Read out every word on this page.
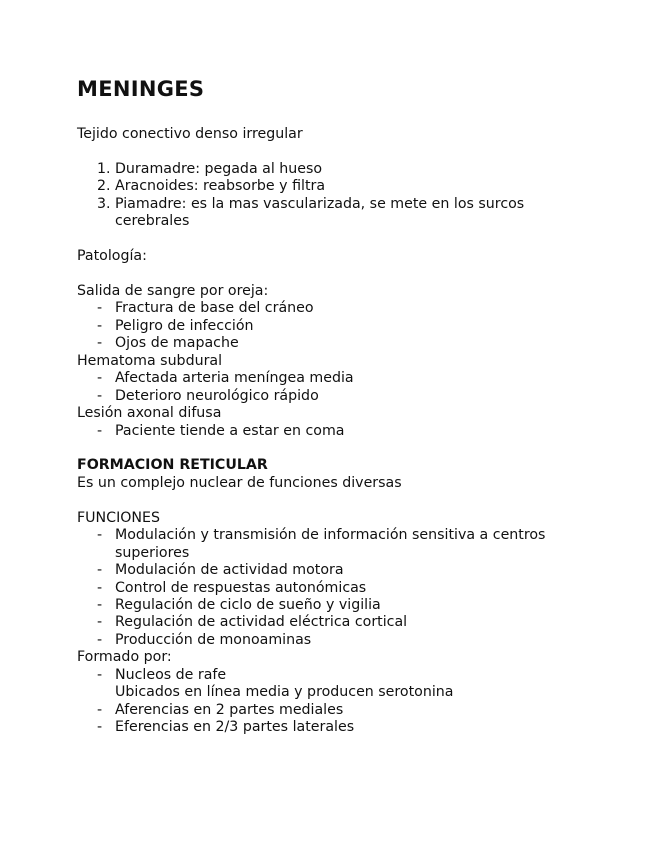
MENINGES
Tejido conectivo denso irregular
1. Duramadre: pegada al hueso
2. Aracnoides: reabsorbe y filtra
3. Piamadre: es la mas vascularizada, se mete en los surcos cerebrales
Patología:
Salida de sangre por oreja:
- Fractura de base del cráneo
- Peligro de infección
- Ojos de mapache
Hematoma subdural
- Afectada arteria meníngea media
- Deterioro neurológico rápido
Lesión axonal difusa
- Paciente tiende a estar en coma
FORMACION RETICULAR
Es un complejo nuclear de funciones diversas
FUNCIONES
- Modulación y transmisión de información sensitiva a centros superiores
- Modulación de actividad motora
- Control de respuestas autonómicas
- Regulación de ciclo de sueño y vigilia
- Regulación de actividad eléctrica cortical
- Producción de monoaminas
Formado por:
- Nucleos de rafe
Ubicados en línea media y producen serotonina
- Aferencias en 2 partes mediales
- Eferencias en 2/3 partes laterales
